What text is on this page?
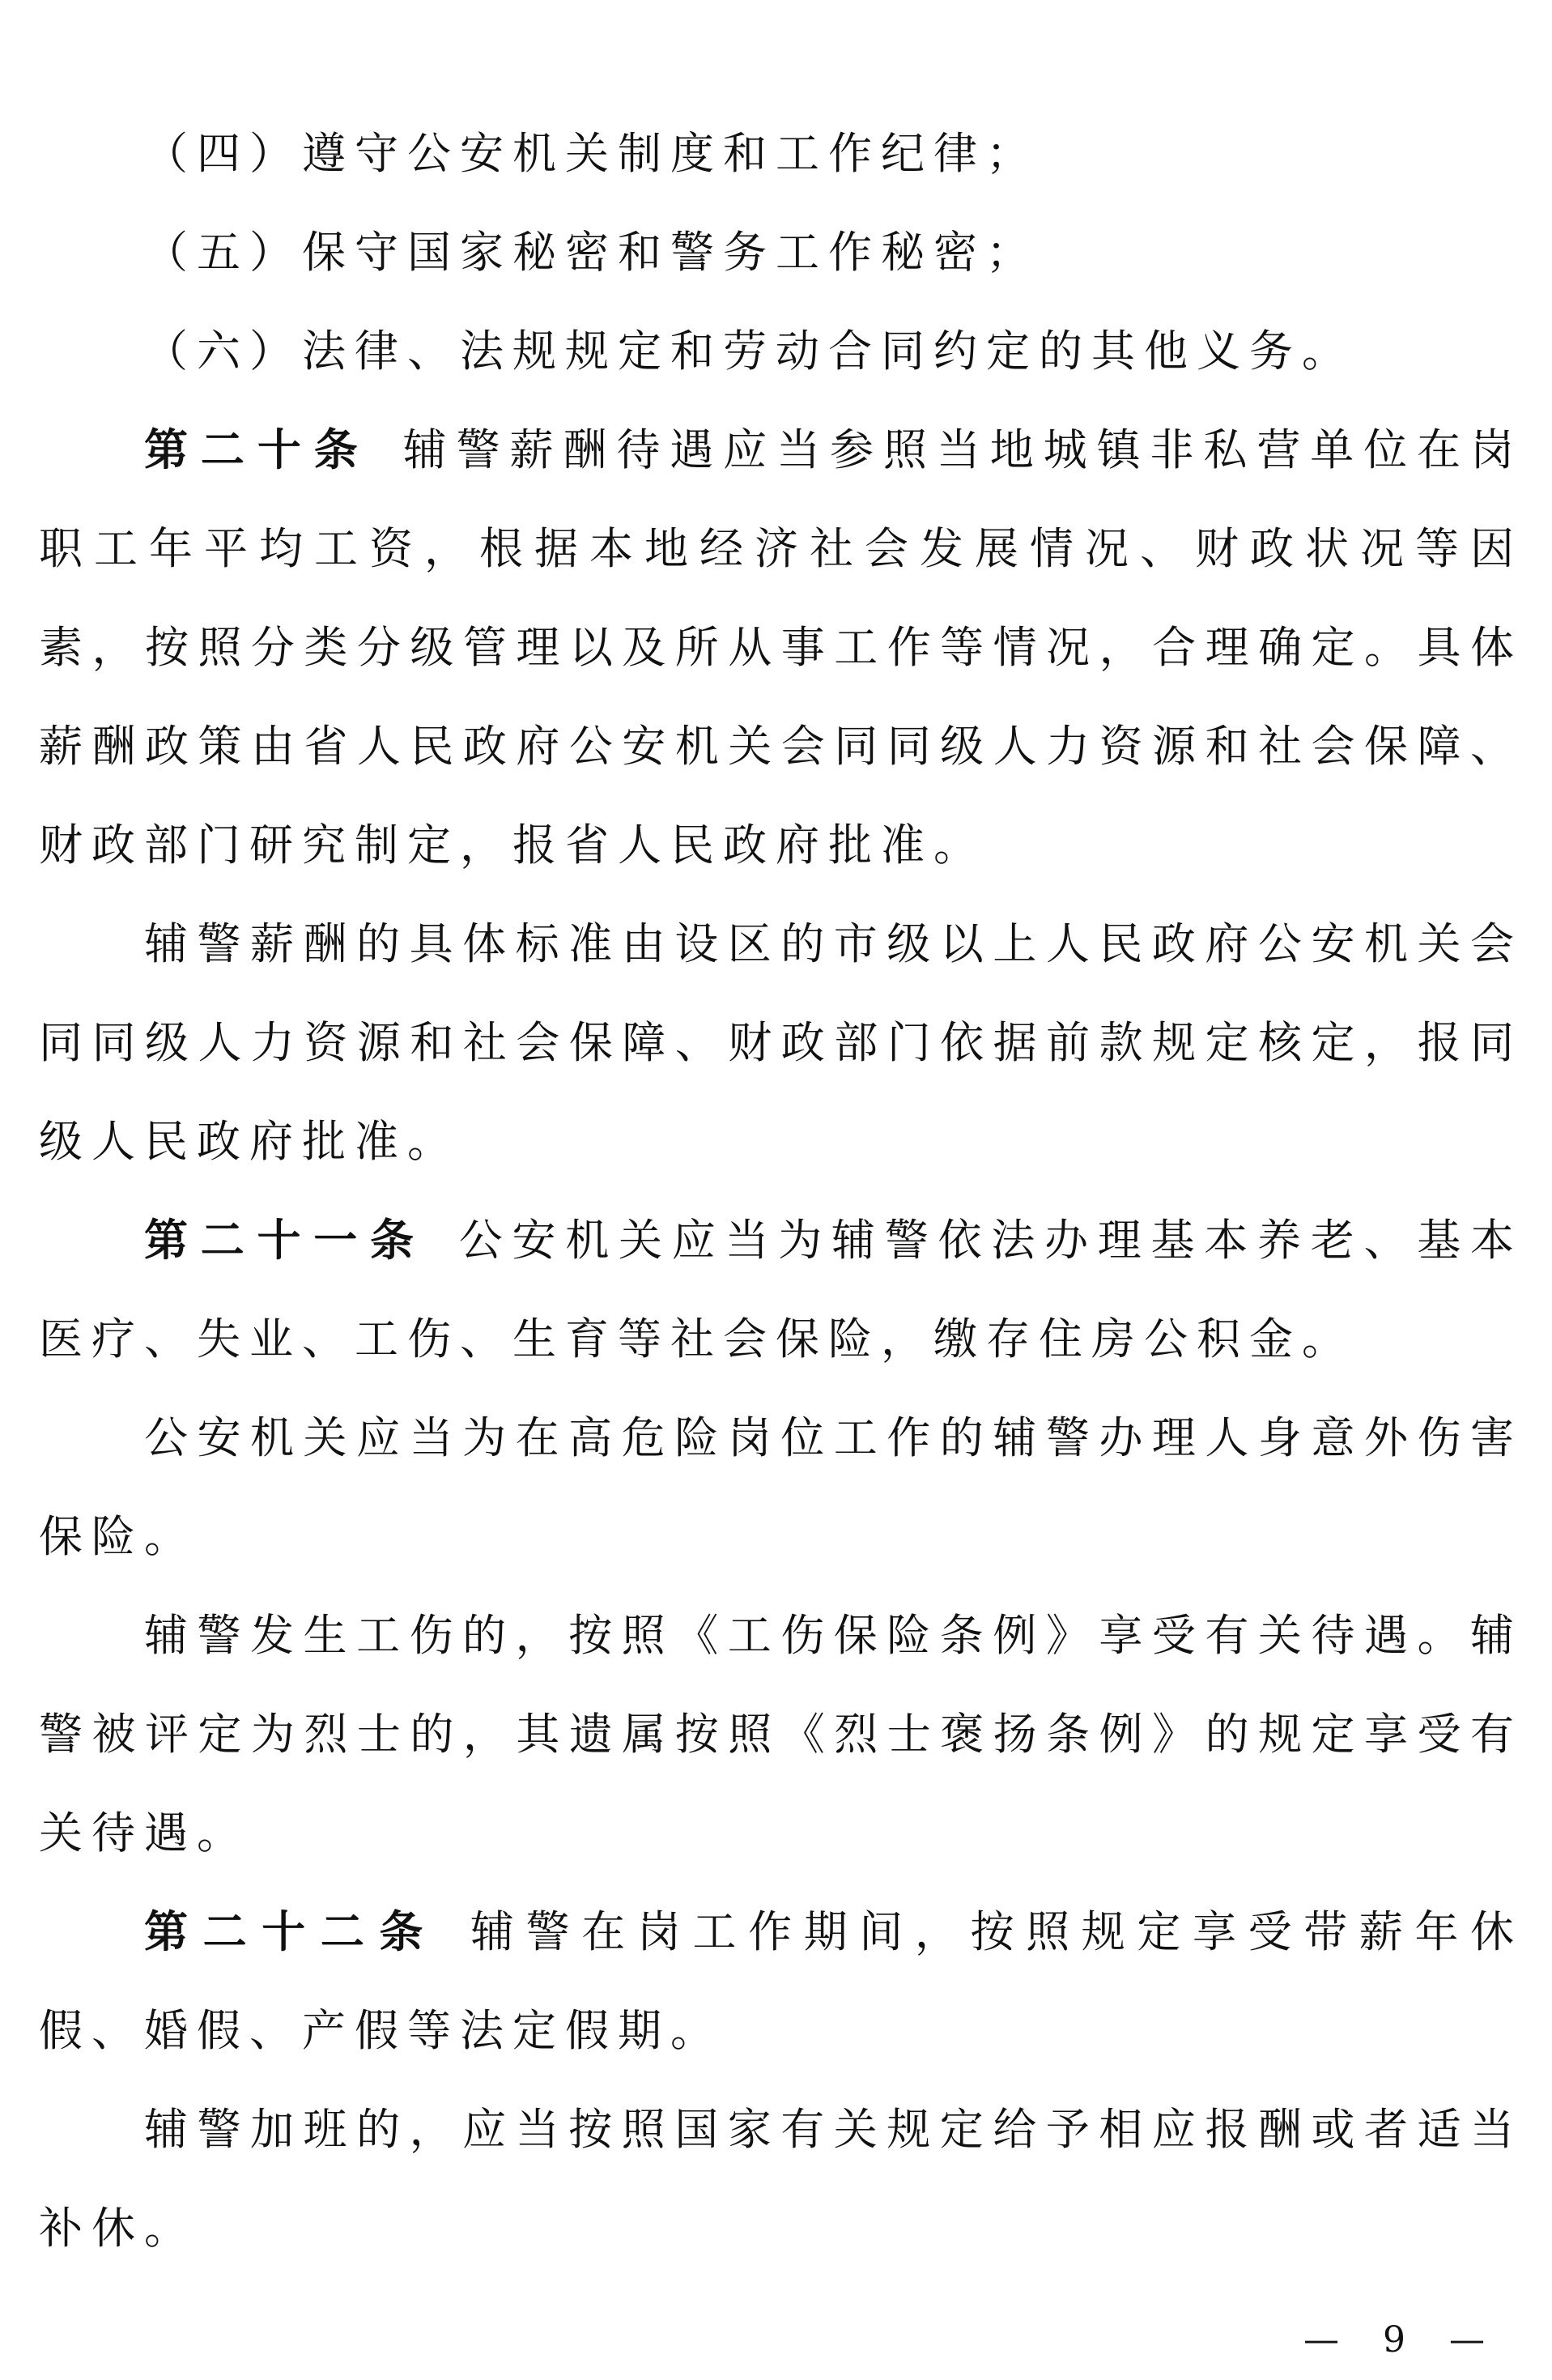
（四）遵守公安机关制度和工作纪律；
（五）保守国家秘密和警务工作秘密；
（六）法律、法规规定和劳动合同约定的其他义务。
第二十条 辅警薪酬待遇应当参照当地城镇非私营单位在岗
职工年平均工资，根据本地经济社会发展情况、财政状况等因
素，按照分类分级管理以及所从事工作等情况，合理确定。具体
薪酬政策由省人民政府公安机关会同同级人力资源和社会保障、
财政部门研究制定，报省人民政府批准。
辅警薪酬的具体标准由设区的市级以上人民政府公安机关会
同同级人力资源和社会保障、财政部门依据前款规定核定，报同
级人民政府批准。
第二十一条 公安机关应当为辅警依法办理基本养老、基本
医疗、失业、工伤、生育等社会保险，缴存住房公积金。
公安机关应当为在高危险岗位工作的辅警办理人身意外伤害
保险。
辅警发生工伤的，按照《工伤保险条例》享受有关待遇。辅
警被评定为烈士的，其遗属按照《烈士褒扬条例》的规定享受有
关待遇。
第二十二条 辅警在岗工作期间，按照规定享受带薪年休
假、婚假、产假等法定假期。
辅警加班的，应当按照国家有关规定给予相应报酬或者适当
补休。
— 9 —
